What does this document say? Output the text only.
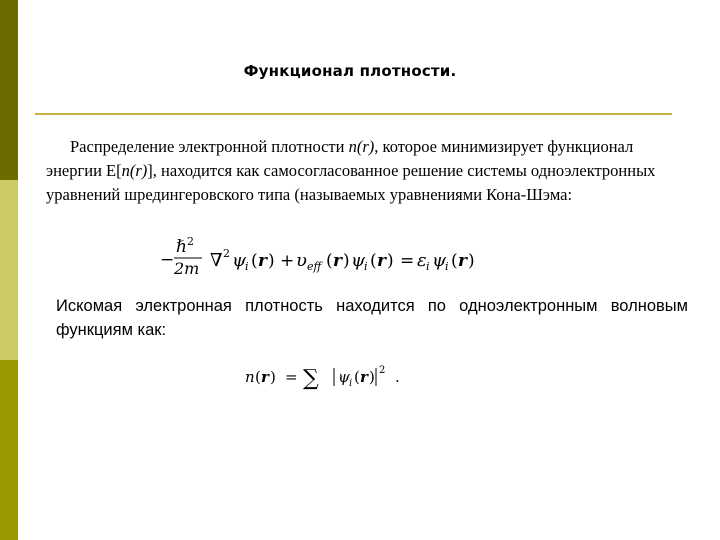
Функционал плотности.
Распределение электронной плотности n(r), которое минимизирует функционал энергии E[n(r)], находится как самосогласованное решение системы одноэлектронных уравнений шредингеровского типа (называемых уравнениями Кона-Шэма:
−
ℏ 2
2m ∇ 2 ψ
i ( r ) + υ eff ( r ) ψ
i ( r ) = ε i ψ
i ( r )
Искомая электронная плотность находится по одноэлектронным волновым функциям как:
n ( r ) = ∑ ψ i ( r ) 2 .
